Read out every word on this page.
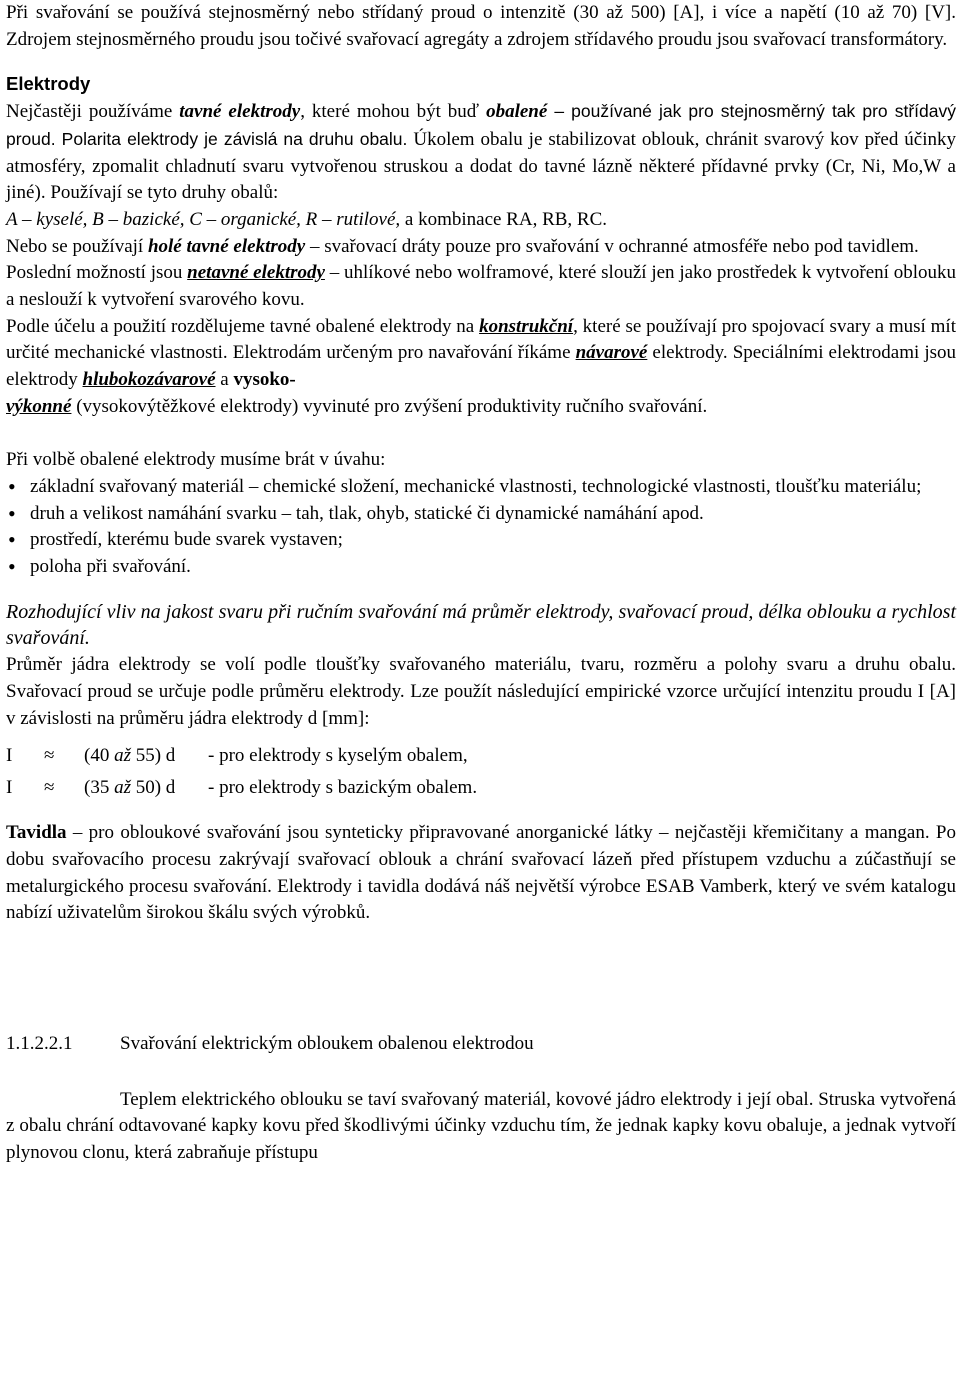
Při svařování se používá stejnosměrný nebo střídaný proud o intenzitě (30 až 500) [A], i více a napětí (10 až 70) [V]. Zdrojem stejnosměrného proudu jsou točivé svařovací agregáty a zdrojem střídavého proudu jsou svařovací transformátory.

Elektrody

Nejčastěji používáme tavné elektrody, které mohou být buď obalené – používané jak pro stejnosměrný tak pro střídavý proud. Polarita elektrody je závislá na druhu obalu. Úkolem obalu je stabilizovat oblouk, chránit svarový kov před účinky atmosféry, zpomalit chladnutí svaru vytvořenou struskou a dodat do tavné lázně některé přídavné prvky (Cr, Ni, Mo,W a jiné). Používají se tyto druhy obalů:

A – kyselé, B – bazické, C – organické, R – rutilové, a kombinace RA, RB, RC.

Nebo se používají holé tavné elektrody – svařovací dráty pouze pro svařování v ochranné atmosféře nebo pod tavidlem.

Poslední možností jsou netavné elektrody – uhlíkové nebo wolframové, které slouží jen jako prostředek k vytvoření oblouku a neslouží k vytvoření svarového kovu.

Podle účelu a použití rozdělujeme tavné obalené elektrody na konstrukční, které se používají pro spojovací svary a musí mít určité mechanické vlastnosti. Elektrodám určeným pro navařování říkáme návarové elektrody. Speciálními elektrodami jsou elektrody hlubokozávarové a vysoko-
výkonné (vysokovýtěžkové elektrody) vyvinuté pro zvýšení produktivity ručního svařování.

Při volbě obalené elektrody musíme brát v úvahu:

• základní svařovaný materiál – chemické složení, mechanické vlastnosti, technologické vlastnosti, tloušťku materiálu;
• druh a velikost namáhání svarku – tah, tlak, ohyb, statické či dynamické namáhání apod.
• prostředí, kterému bude svarek vystaven;
• poloha při svařování.

Rozhodující vliv na jakost svaru při ručním svařování má průměr elektrody, svařovací proud, délka oblouku a rychlost svařování.

Průměr jádra elektrody se volí podle tloušťky svařovaného materiálu, tvaru, rozměru a polohy svaru a druhu obalu. Svařovací proud se určuje podle průměru elektrody. Lze použít následující empirické vzorce určující intenzitu proudu I [A] v závislosti na průměru jádra elektrody d [mm]:

I	≈	(40 až 55) d	- pro elektrody s kyselým obalem,
I	≈	(35 až 50) d	- pro elektrody s bazickým obalem.

Tavidla – pro obloukové svařování jsou synteticky připravované anorganické látky – nejčastěji křemičitany a mangan. Po dobu svařovacího procesu zakrývají svařovací oblouk a chrání svařovací lázeň před přístupem vzduchu a zúčastňují se metalurgického procesu svařování. Elektrody i tavidla dodává náš největší výrobce ESAB Vamberk, který ve svém katalogu nabízí uživatelům širokou škálu svých výrobků.

1.1.2.2.1	Svařování elektrickým obloukem obalenou elektrodou

Teplem elektrického oblouku se taví svařovaný materiál, kovové jádro elektrody i její obal. Struska vytvořená z obalu chrání odtavované kapky kovu před škodlivými účinky vzduchu tím, že jednak kapky kovu obaluje, a jednak vytvoří plynovou clonu, která zabraňuje přístupu
